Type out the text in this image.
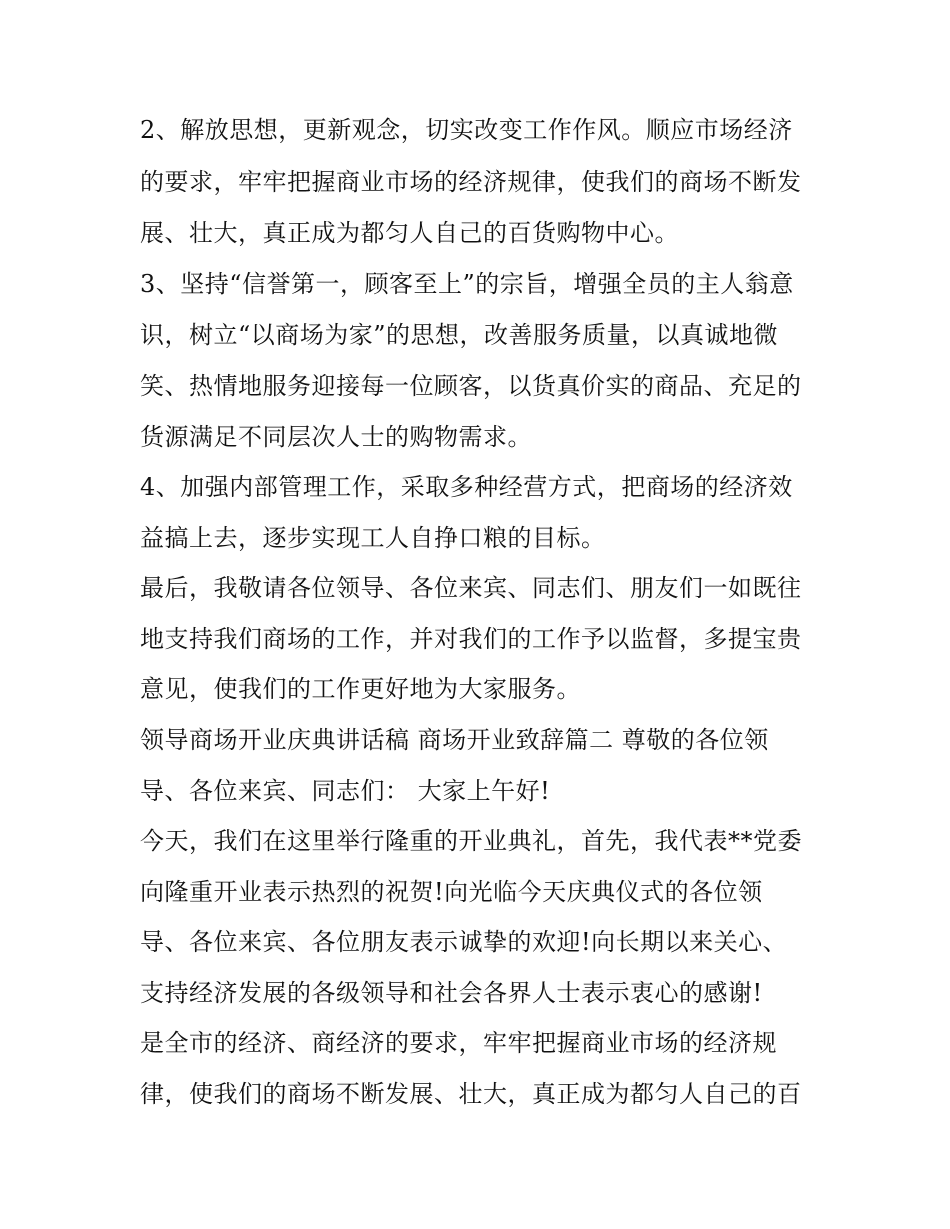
2、解放思想，更新观念，切实改变工作作风。顺应市场经济
的要求，牢牢把握商业市场的经济规律，使我们的商场不断发
展、壮大，真正成为都匀人自己的百货购物中心。
3、坚持“信誉第一，顾客至上”的宗旨，增强全员的主人翁意
识，树立“以商场为家”的思想，改善服务质量，以真诚地微
笑、热情地服务迎接每一位顾客，以货真价实的商品、充足的
货源满足不同层次人士的购物需求。
4、加强内部管理工作，采取多种经营方式，把商场的经济效
益搞上去，逐步实现工人自挣口粮的目标。
最后，我敬请各位领导、各位来宾、同志们、朋友们一如既往
地支持我们商场的工作，并对我们的工作予以监督，多提宝贵
意见，使我们的工作更好地为大家服务。
领导商场开业庆典讲话稿 商场开业致辞篇二 尊敬的各位领
导、各位来宾、同志们： 大家上午好!
今天，我们在这里举行隆重的开业典礼，首先，我代表**党委
向隆重开业表示热烈的祝贺!向光临今天庆典仪式的各位领
导、各位来宾、各位朋友表示诚挚的欢迎!向长期以来关心、
支持经济发展的各级领导和社会各界人士表示衷心的感谢!
是全市的经济、商经济的要求，牢牢把握商业市场的经济规
律，使我们的商场不断发展、壮大，真正成为都匀人自己的百
